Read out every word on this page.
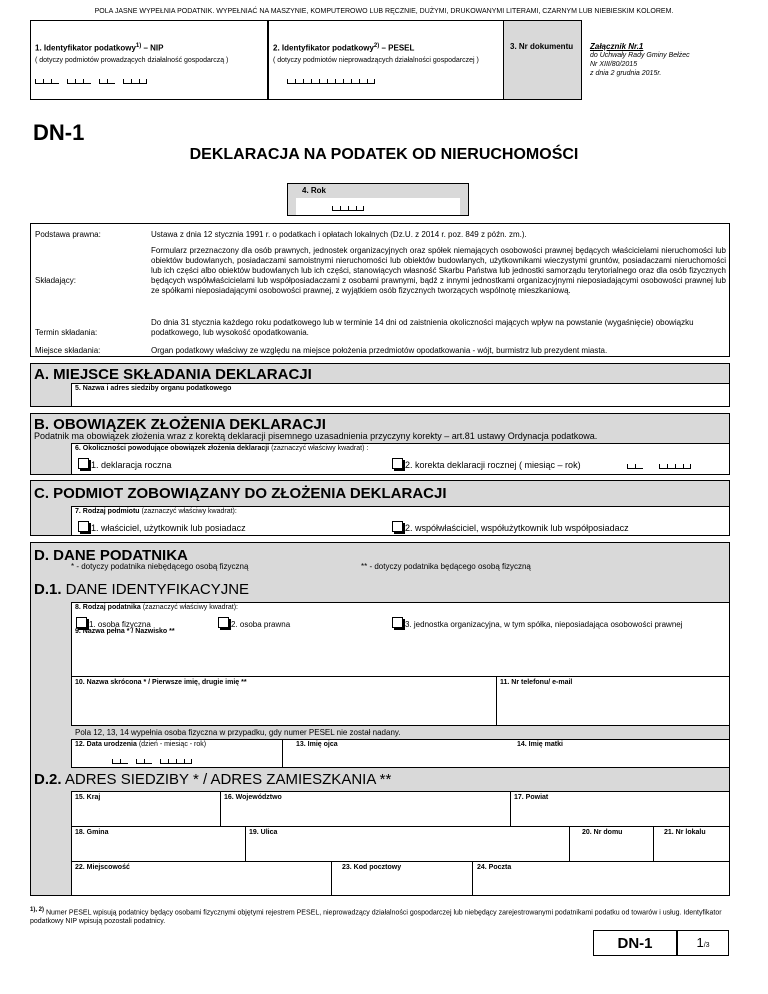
POLA JASNE WYPEŁNIA PODATNIK. WYPEŁNIAĆ NA MASZYNIE, KOMPUTEROWO LUB RĘCZNIE, DUŻYMI, DRUKOWANYMI LITERAMI, CZARNYM LUB NIEBIESKIM KOLOREM.
1. Identyfikator podatkowy$^{1)}$ – NIP
( dotyczy podmiotów prowadzących działalność gospodarczą )
2. Identyfikator podatkowy$^{2)}$ – PESEL
( dotyczy podmiotów nieprowadzących działalności gospodarczej )
3. Nr dokumentu Załącznik Nr.1
do Uchwały Rady Gminy Bełżec
Nr XIII/80/2015
z dnia 2 grudnia 2015r.
DN-1
DEKLARACJA NA PODATEK OD NIERUCHOMOŚCI
4. Rok
Podstawa prawna:	Ustawa z dnia 12 stycznia 1991 r. o podatkach i opłatach lokalnych (Dz.U. z 2014 r. poz. 849 z późn. zm.).
Składający:
Formularz przeznaczony dla osób prawnych, jednostek organizacyjnych oraz spółek niemających osobowości prawnej będących właścicielami nieruchomości lub obiektów budowlanych, posiadaczami samoistnymi nieruchomości lub obiektów budowlanych, użytkownikami wieczystymi gruntów, posiadaczami nieruchomości lub ich części albo obiektów budowlanych lub ich części, stanowiących własność Skarbu Państwa lub jednostki samorządu terytorialnego oraz dla osób fizycznych będących współwłaścicielami lub współposiadaczami z osobami prawnymi, bądź z innymi jednostkami organizacyjnymi nieposiadającymi osobowości prawnej lub ze spółkami nieposiadającymi osobowości prawnej, z wyjątkiem osób fizycznych tworzących wspólnotę mieszkaniową.
Termin składania:
Do dnia 31 stycznia każdego roku podatkowego lub w terminie 14 dni od zaistnienia okoliczności mających wpływ na powstanie (wygaśnięcie) obowiązku podatkowego, lub wysokość opodatkowania.
Miejsce składania:	Organ podatkowy właściwy ze względu na miejsce położenia przedmiotów opodatkowania - wójt, burmistrz lub prezydent miasta.
A. MIEJSCE SKŁADANIA DEKLARACJI
5. Nazwa i adres siedziby organu podatkowego
B. OBOWIĄZEK ZŁOŻENIA DEKLARACJI
Podatnik ma obowiązek złożenia wraz z korektą deklaracji pisemnego uzasadnienia przyczyny korekty – art.81 ustawy Ordynacja podatkowa.
6. Okoliczności powodujące obowiązek złożenia deklaracji (zaznaczyć właściwy kwadrat) :
1. deklaracja roczna	2. korekta deklaracji rocznej ( miesiąc – rok)
C. PODMIOT ZOBOWIĄZANY DO ZŁOŻENIA DEKLARACJI
7. Rodzaj podmiotu (zaznaczyć właściwy kwadrat):
1. właściciel, użytkownik lub posiadacz	2. współwłaściciel, współużytkownik lub współposiadacz
D. DANE PODATNIKA
* - dotyczy podatnika niebędącego osobą fizyczną	** - dotyczy podatnika będącego osobą fizyczną
D.1. DANE IDENTYFIKACYJNE
8. Rodzaj podatnika (zaznaczyć właściwy kwadrat):
1. osoba fizyczna	2. osoba prawna	3. jednostka organizacyjna, w tym spółka, nieposiadająca osobowości prawnej
9. Nazwa pełna * / Nazwisko **
10. Nazwa skrócona * / Pierwsze imię, drugie imię **	11. Nr telefonu/ e-mail
Pola 12, 13, 14 wypełnia osoba fizyczna w przypadku, gdy numer PESEL nie został nadany.
12. Data urodzenia (dzień - miesiąc - rok)	13. Imię ojca	14. Imię matki
D.2. ADRES SIEDZIBY * / ADRES ZAMIESZKANIA **
15. Kraj	16. Województwo	17. Powiat
18. Gmina	19. Ulica	20. Nr domu	21. Nr lokalu
22. Miejscowość	23. Kod pocztowy	24. Poczta
$^{1), 2)}$ Numer PESEL wpisują podatnicy będący osobami fizycznymi objętymi rejestrem PESEL, nieprowadzący działalności gospodarczej lub niebędący zarejestrowanymi podatnikami podatku od towarów i usług. Identyfikator podatkowy NIP wpisują pozostali podatnicy.
DN-1	1/3
